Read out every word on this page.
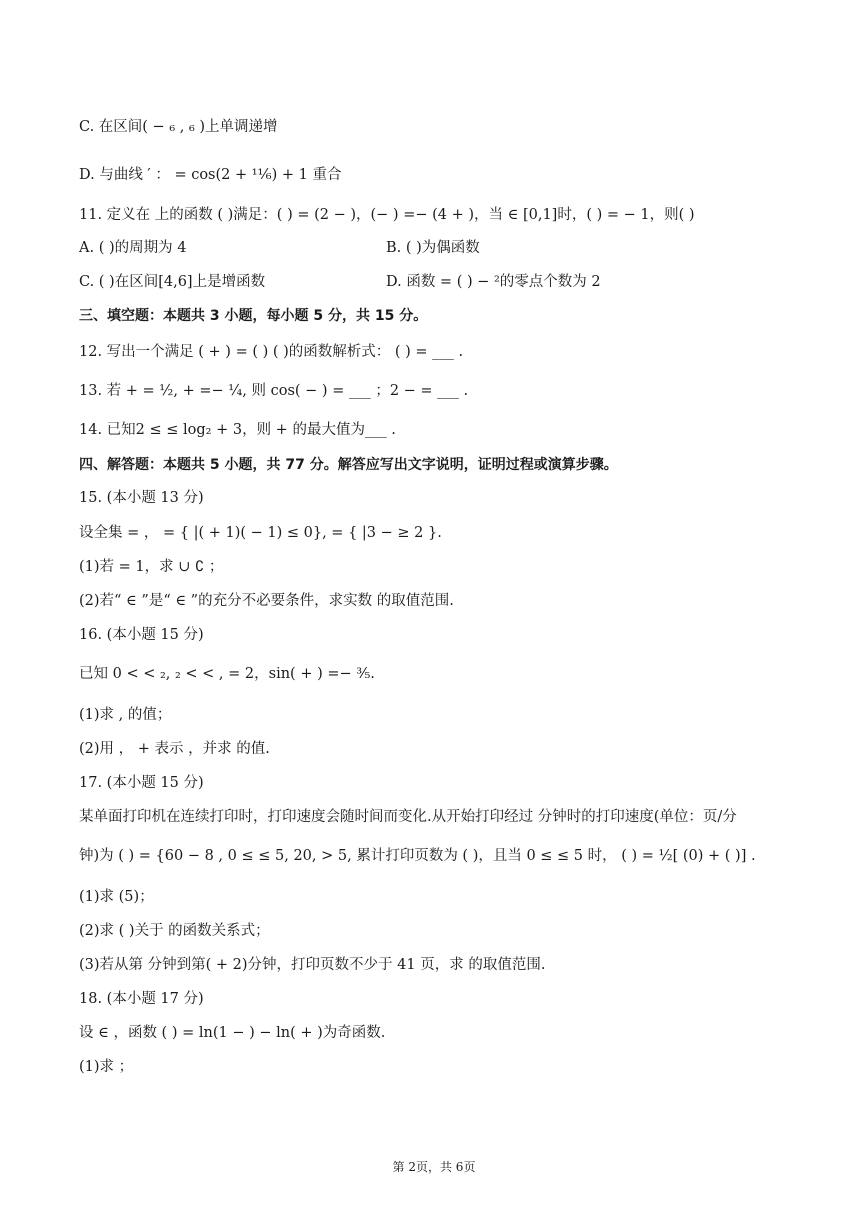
C. 在区间( − ₆ , ₆ )上单调递增
D. 与曲线 ′ ： = cos(2 + ¹¹⁄₆) + 1 重合
11. 定义在 上的函数 ( )满足：( ) = (2 − )，(− ) =− (4 + )，当 ∈ [0,1]时，( ) = − 1，则( )
A. ( )的周期为 4	B. ( )为偶函数
C. ( )在区间[4,6]上是增函数	D. 函数 = ( ) − ²的零点个数为 2
三、填空题：本题共 3 小题，每小题 5 分，共 15 分。
12. 写出一个满足 ( + ) = ( ) ( )的函数解析式： ( ) = ___ .
13. 若 + = ½, + =− ¼, 则 cos( − ) = ___ ；2 − = ___ .
14. 已知2 ≤ ≤ log₂ + 3，则 + 的最大值为___ .
四、解答题：本题共 5 小题，共 77 分。解答应写出文字说明，证明过程或演算步骤。
15. (本小题 13 分)
设全集 = ， = { |( + 1)( − 1) ≤ 0}, = { |3 − ≥ 2 }.
(1)若 = 1，求 ∪ ∁ ；
(2)若“ ∈ ”是“ ∈ ”的充分不必要条件，求实数 的取值范围.
16. (本小题 15 分)
已知 0 < < ₂, ₂ < < , = 2，sin( + ) =− ³⁄₅.
(1)求 , 的值；
(2)用 ， + 表示 ，并求 的值.
17. (本小题 15 分)
某单面打印机在连续打印时，打印速度会随时间而变化.从开始打印经过 分钟时的打印速度(单位：页/分
钟)为 ( ) = {60 − 8 , 0 ≤ ≤ 5, 20, > 5, 累计打印页数为 ( )，且当 0 ≤ ≤ 5 时， ( ) = ½[ (0) + ( )] .
(1)求 (5)；
(2)求 ( )关于 的函数关系式；
(3)若从第 分钟到第( + 2)分钟，打印页数不少于 41 页，求 的取值范围.
18. (本小题 17 分)
设 ∈ ，函数 ( ) = ln(1 − ) − ln( + )为奇函数.
(1)求 ；
第 2页，共 6页
